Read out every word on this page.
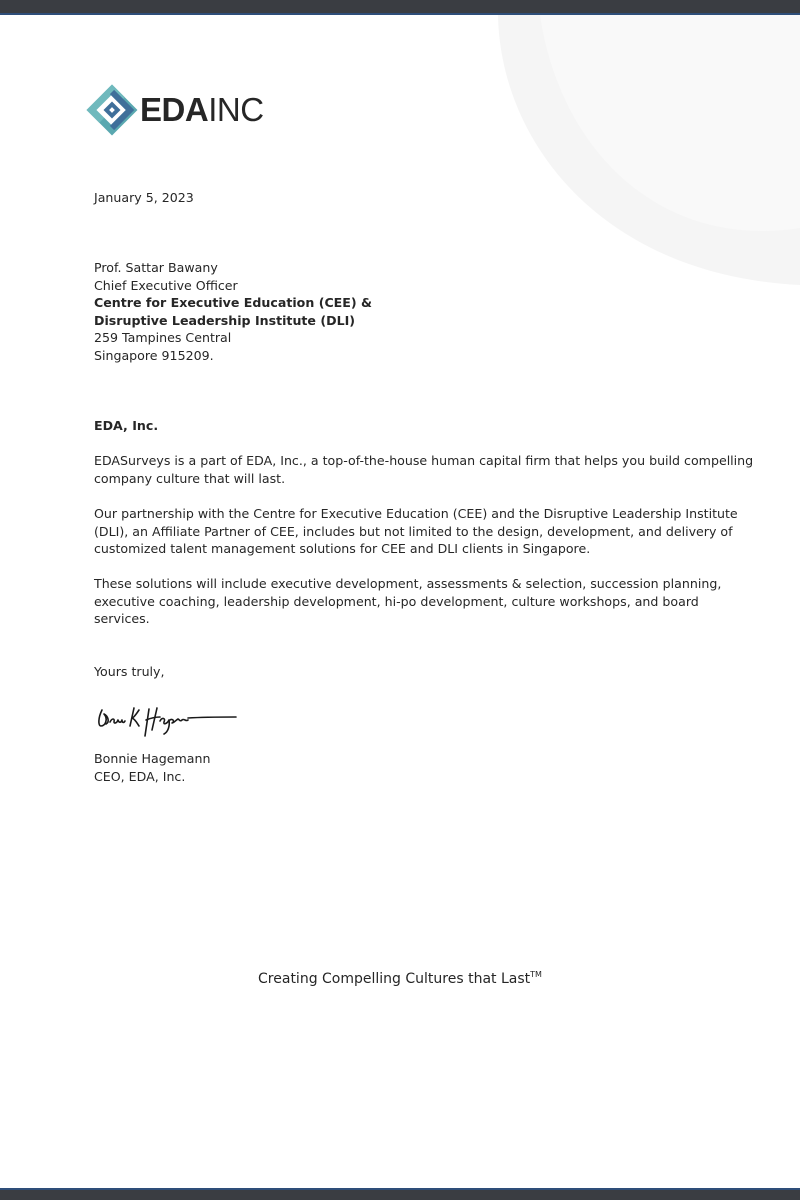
EDAINC
January 5, 2023
Prof. Sattar Bawany
Chief Executive Officer
Centre for Executive Education (CEE) &
Disruptive Leadership Institute (DLI)
259 Tampines Central
Singapore 915209.
EDA, Inc.
EDASurveys is a part of EDA, Inc., a top-of-the-house human capital firm that helps you build compelling
company culture that will last.
Our partnership with the Centre for Executive Education (CEE) and the Disruptive Leadership Institute
(DLI), an Affiliate Partner of CEE, includes but not limited to the design, development, and delivery of
customized talent management solutions for CEE and DLI clients in Singapore.
These solutions will include executive development, assessments & selection, succession planning,
executive coaching, leadership development, hi-po development, culture workshops, and board
services.
Yours truly,
Bonnie Hagemann
CEO, EDA, Inc.
Creating Compelling Cultures that Last™
